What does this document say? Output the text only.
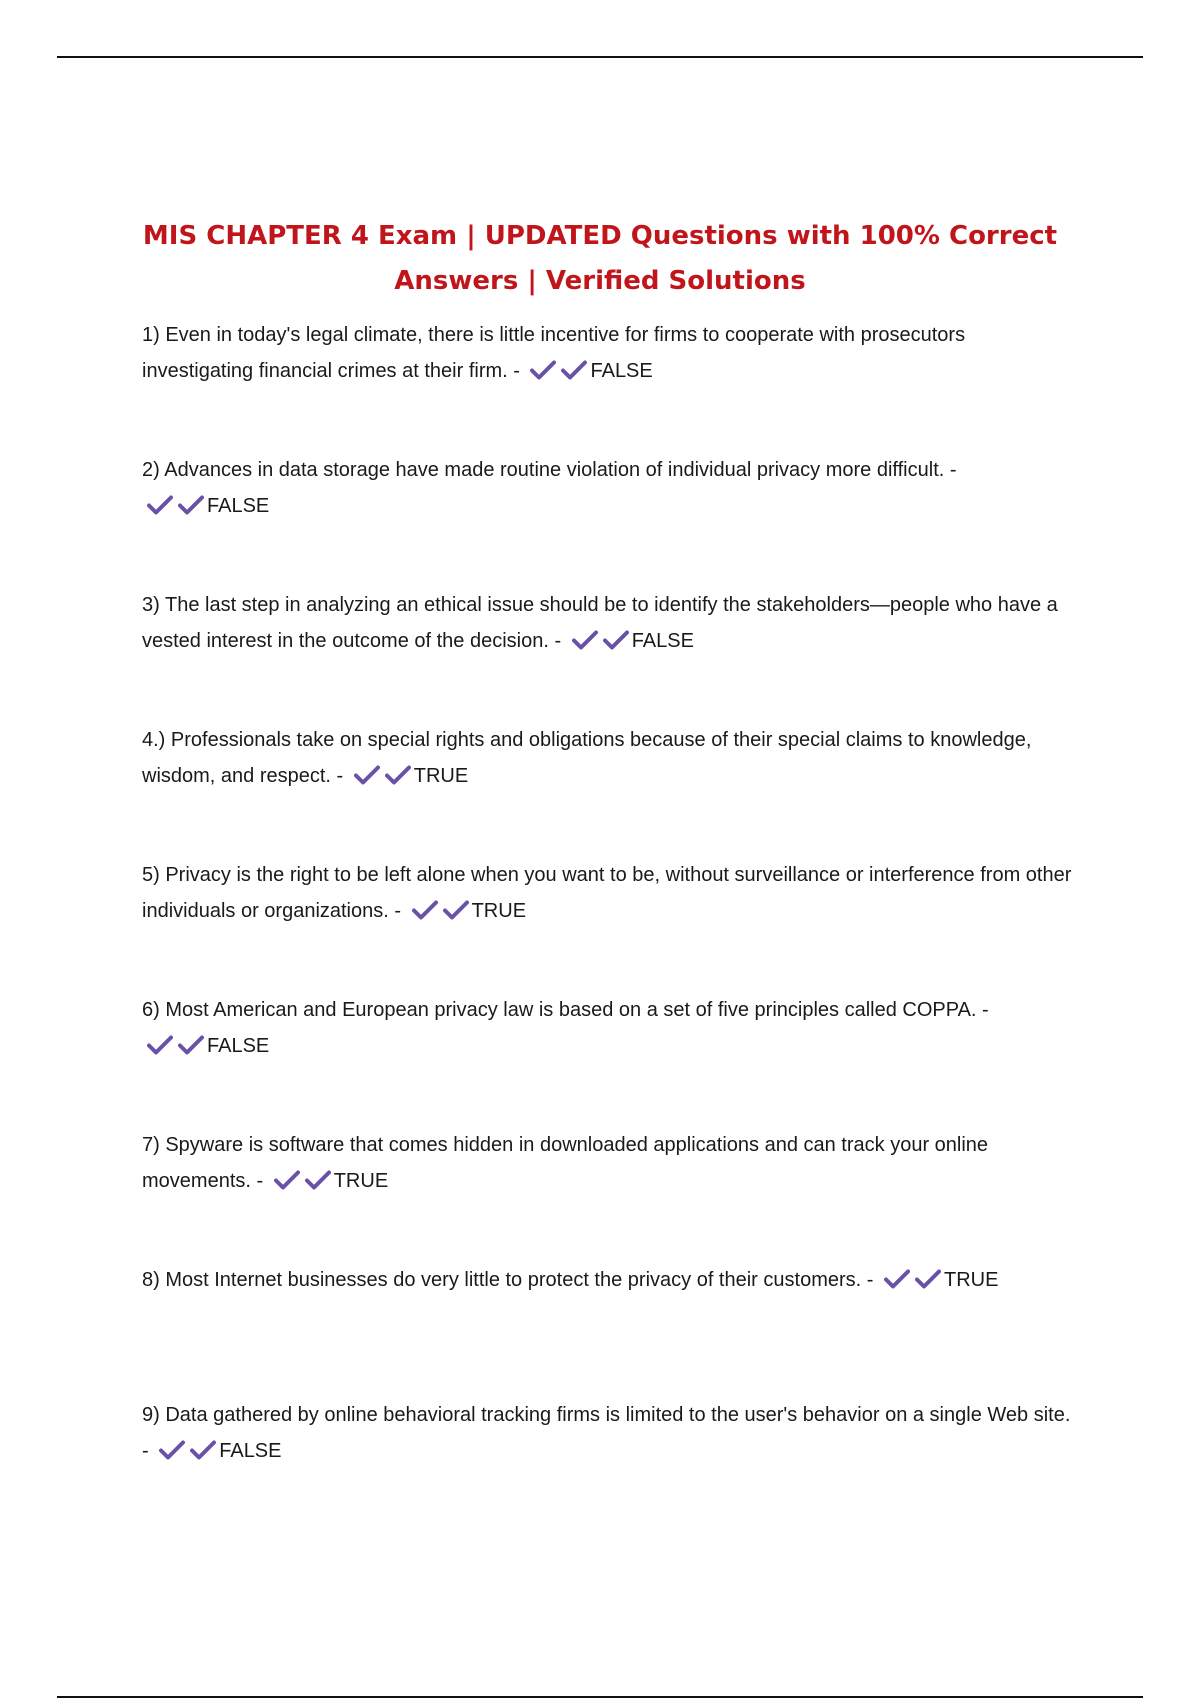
MIS CHAPTER 4 Exam | UPDATED Questions with 100% Correct
Answers | Verified Solutions
1) Even in today's legal climate, there is little incentive for firms to cooperate with prosecutors investigating financial crimes at their firm. -	FALSE
2) Advances in data storage have made routine violation of individual privacy more difficult. -
FALSE
3) The last step in analyzing an ethical issue should be to identify the stakeholders—people who have a vested interest in the outcome of the decision. -	FALSE
4.) Professionals take on special rights and obligations because of their special claims to knowledge, wisdom, and respect. -	TRUE
5) Privacy is the right to be left alone when you want to be, without surveillance or interference from other individuals or organizations. -	TRUE
6) Most American and European privacy law is based on a set of five principles called COPPA. -
FALSE
7) Spyware is software that comes hidden in downloaded applications and can track your online movements. -	TRUE
8) Most Internet businesses do very little to protect the privacy of their customers. -	TRUE
9) Data gathered by online behavioral tracking firms is limited to the user's behavior on a single Web site. -	FALSE
